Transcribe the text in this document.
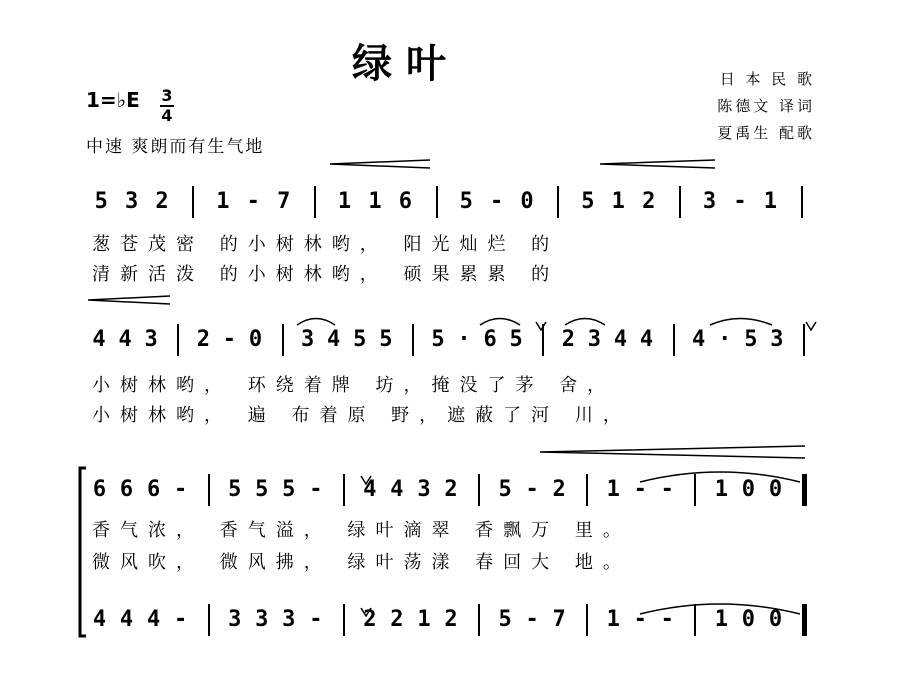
绿叶	日 本 民 歌
陈德文 译词
夏禹生 配歌
1=♭E 3
4
中速 爽朗而有生气地
5 3 2 1 - 7 1 1 6 5 - 0 5 1 2 3 - 1
4 4 3 2 - 0 3 4 5 5 5 · 6 5 2 3 4 4 4 · 5 3
6 6 6 - 5 5 5 - 4 4 3 2 5 - 2 1 - - 1 0 0
4 4 4 - 3 3 3 - 2 2 1 2 5 - 7 1 - - 1 0 0
葱苍茂密 的小树林哟， 阳光灿烂 的
清新活泼 的小树林哟， 硕果累累 的
小树林哟， 环绕着牌 坊，掩没了茅 舍，
小树林哟， 遍 布着原 野，遮蔽了河 川，
香气浓， 香气溢， 绿叶滴翠 香飘万 里。
微风吹， 微风拂， 绿叶荡漾 春回大 地。
